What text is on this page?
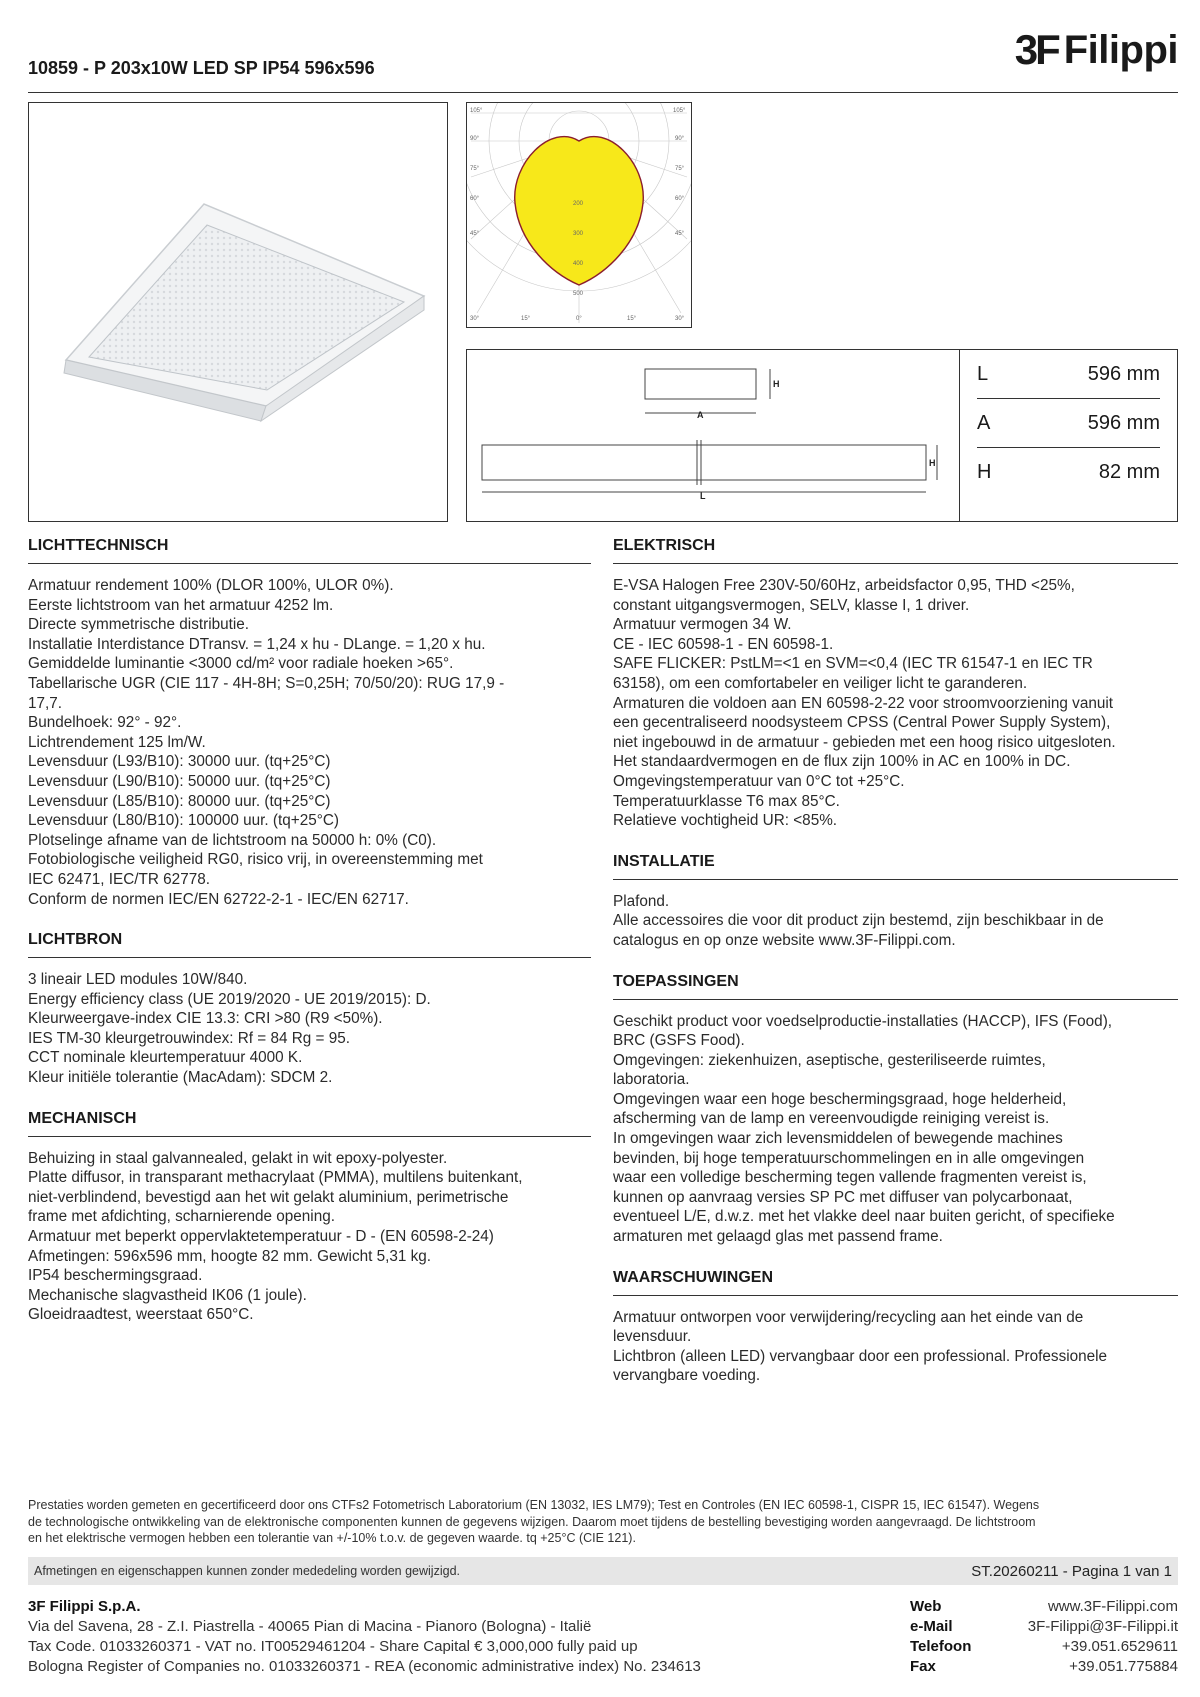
10859 - P 203x10W LED SP IP54 596x596	3F Filippi
105°
90°
75°
60°
45°
105°
90°
75°
60°
45°
30°	15°	0°	15°	30°
200
300
400
500
H
A
H
L
L	596 mm
A	596 mm
H	82 mm
LICHTTECHNISCH
Armatuur rendement 100% (DLOR 100%, ULOR 0%).
Eerste lichtstroom van het armatuur 4252 lm.
Directe symmetrische distributie.
Installatie Interdistance DTransv. = 1,24 x hu - DLange. = 1,20 x hu.
Gemiddelde luminantie <3000 cd/m² voor radiale hoeken >65°.
Tabellarische UGR (CIE 117 - 4H-8H; S=0,25H; 70/50/20): RUG 17,9 -
17,7.
Bundelhoek: 92° - 92°.
Lichtrendement 125 lm/W.
Levensduur (L93/B10): 30000 uur. (tq+25°C)
Levensduur (L90/B10): 50000 uur. (tq+25°C)
Levensduur (L85/B10): 80000 uur. (tq+25°C)
Levensduur (L80/B10): 100000 uur. (tq+25°C)
Plotselinge afname van de lichtstroom na 50000 h: 0% (C0).
Fotobiologische veiligheid RG0, risico vrij, in overeenstemming met
IEC 62471, IEC/TR 62778.
Conform de normen IEC/EN 62722-2-1 - IEC/EN 62717.
LICHTBRON
3 lineair LED modules 10W/840.
Energy efficiency class (UE 2019/2020 - UE 2019/2015): D.
Kleurweergave-index CIE 13.3: CRI >80 (R9 <50%).
IES TM-30 kleurgetrouwindex: Rf = 84 Rg = 95.
CCT nominale kleurtemperatuur 4000 K.
Kleur initiële tolerantie (MacAdam): SDCM 2.
MECHANISCH
Behuizing in staal galvannealed, gelakt in wit epoxy-polyester.
Platte diffusor, in transparant methacrylaat (PMMA), multilens buitenkant,
niet-verblindend, bevestigd aan het wit gelakt aluminium, perimetrische
frame met afdichting, scharnierende opening.
Armatuur met beperkt oppervlaktetemperatuur - D - (EN 60598-2-24)
Afmetingen: 596x596 mm, hoogte 82 mm. Gewicht 5,31 kg.
IP54 beschermingsgraad.
Mechanische slagvastheid IK06 (1 joule).
Gloeidraadtest, weerstaat 650°C.
ELEKTRISCH
E-VSA Halogen Free 230V-50/60Hz, arbeidsfactor 0,95, THD <25%,
constant uitgangsvermogen, SELV, klasse I, 1 driver.
Armatuur vermogen 34 W.
CE - IEC 60598-1 - EN 60598-1.
SAFE FLICKER: PstLM=<1 en SVM=<0,4 (IEC TR 61547-1 en IEC TR
63158), om een comfortabeler en veiliger licht te garanderen.
Armaturen die voldoen aan EN 60598-2-22 voor stroomvoorziening vanuit
een gecentraliseerd noodsysteem CPSS (Central Power Supply System),
niet ingebouwd in de armatuur - gebieden met een hoog risico uitgesloten.
Het standaardvermogen en de flux zijn 100% in AC en 100% in DC.
Omgevingstemperatuur van 0°C tot +25°C.
Temperatuurklasse T6 max 85°C.
Relatieve vochtigheid UR: <85%.
INSTALLATIE
Plafond.
Alle accessoires die voor dit product zijn bestemd, zijn beschikbaar in de
catalogus en op onze website www.3F-Filippi.com.
TOEPASSINGEN
Geschikt product voor voedselproductie-installaties (HACCP), IFS (Food),
BRC (GSFS Food).
Omgevingen: ziekenhuizen, aseptische, gesteriliseerde ruimtes,
laboratoria.
Omgevingen waar een hoge beschermingsgraad, hoge helderheid,
afscherming van de lamp en vereenvoudigde reiniging vereist is.
In omgevingen waar zich levensmiddelen of bewegende machines
bevinden, bij hoge temperatuurschommelingen en in alle omgevingen
waar een volledige bescherming tegen vallende fragmenten vereist is,
kunnen op aanvraag versies SP PC met diffuser van polycarbonaat,
eventueel L/E, d.w.z. met het vlakke deel naar buiten gericht, of specifieke
armaturen met gelaagd glas met passend frame.
WAARSCHUWINGEN
Armatuur ontworpen voor verwijdering/recycling aan het einde van de
levensduur.
Lichtbron (alleen LED) vervangbaar door een professional. Professionele
vervangbare voeding.
Prestaties worden gemeten en gecertificeerd door ons CTFs2 Fotometrisch Laboratorium (EN 13032, IES LM79); Test en Controles (EN IEC 60598-1, CISPR 15, IEC 61547). Wegens
de technologische ontwikkeling van de elektronische componenten kunnen de gegevens wijzigen. Daarom moet tijdens de bestelling bevestiging worden aangevraagd. De lichtstroom
en het elektrische vermogen hebben een tolerantie van +/-10% t.o.v. de gegeven waarde. tq +25°C (CIE 121).
Afmetingen en eigenschappen kunnen zonder mededeling worden gewijzigd.	ST.20260211 - Pagina 1 van 1
3F Filippi S.p.A.
Via del Savena, 28 - Z.I. Piastrella - 40065 Pian di Macina - Pianoro (Bologna) - Italië
Tax Code. 01033260371 - VAT no. IT00529461204 - Share Capital € 3,000,000 fully paid up
Bologna Register of Companies no. 01033260371 - REA (economic administrative index) No. 234613
Web	www.3F-Filippi.com
e-Mail	3F-Filippi@3F-Filippi.it
Telefoon	+39.051.6529611
Fax	+39.051.775884
